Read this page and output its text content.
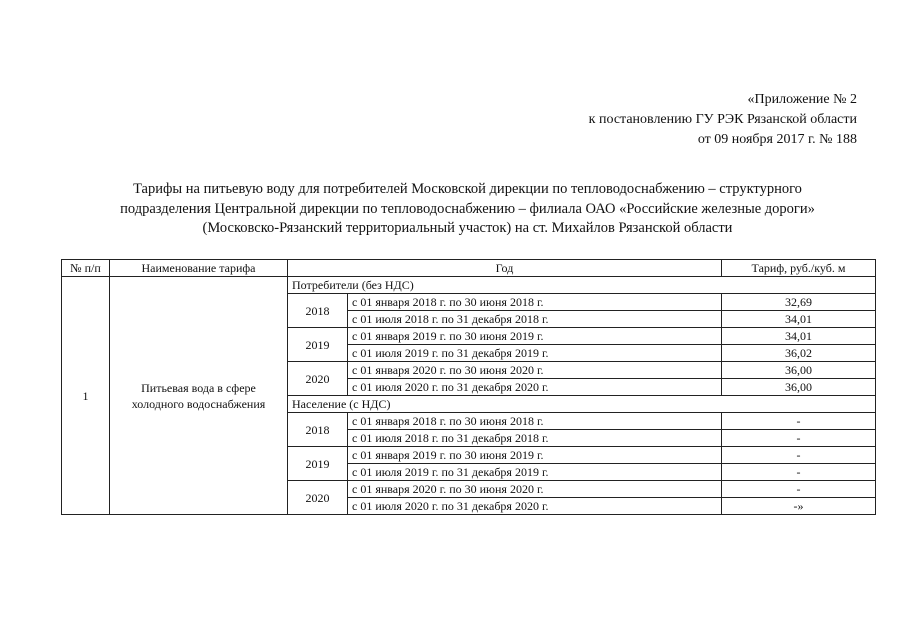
«Приложение № 2
к постановлению ГУ РЭК Рязанской области
от 09 ноября 2017 г. № 188
Тарифы на питьевую воду для потребителей Московской дирекции по тепловодоснабжению – структурного
подразделения Центральной дирекции по тепловодоснабжению – филиала ОАО «Российские железные дороги»
(Московско-Рязанский территориальный участок) на ст. Михайлов Рязанской области
№ п/п	Наименование тарифа	Год		Тариф, руб./куб. м
1	Питьевая вода в сфере холодного водоснабжения	Потребители (без НДС)		
		2018	с 01 января 2018 г. по 30 июня 2018 г.	32,69
			с 01 июля 2018 г. по 31 декабря 2018 г.	34,01
		2019	с 01 января 2019 г. по 30 июня 2019 г.	34,01
			с 01 июля 2019 г. по 31 декабря 2019 г.	36,02
		2020	с 01 января 2020 г. по 30 июня 2020 г.	36,00
			с 01 июля 2020 г. по 31 декабря 2020 г.	36,00
		Население (с НДС)		
		2018	с 01 января 2018 г. по 30 июня 2018 г.	-
			с 01 июля 2018 г. по 31 декабря 2018 г.	-
		2019	с 01 января 2019 г. по 30 июня 2019 г.	-
			с 01 июля 2019 г. по 31 декабря 2019 г.	-
		2020	с 01 января 2020 г. по 30 июня 2020 г.	-
			с 01 июля 2020 г. по 31 декабря 2020 г.	-»
